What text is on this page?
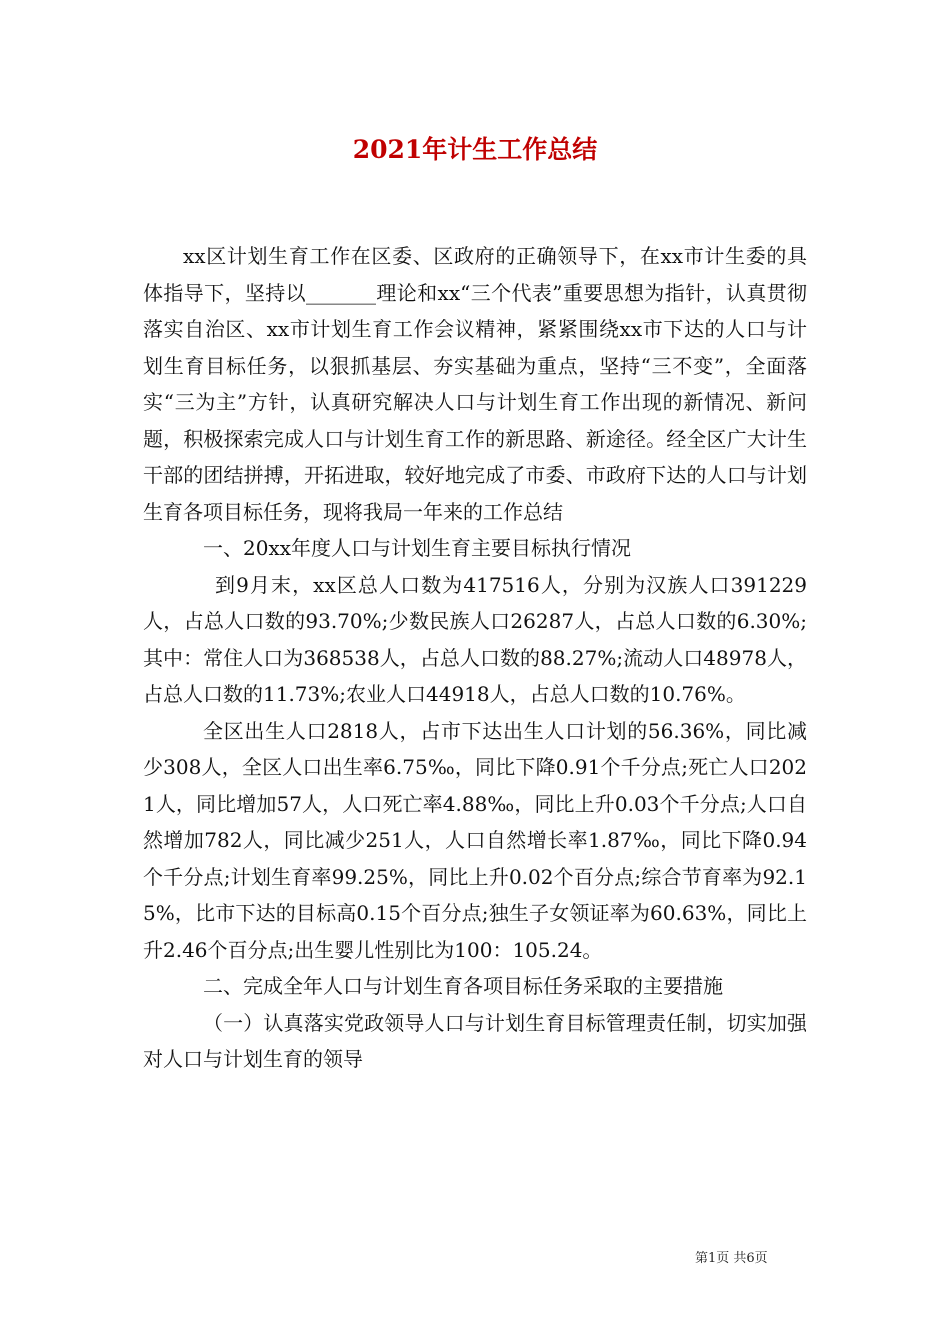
2021年计生工作总结

xx区计划生育工作在区委、区政府的正确领导下，在xx市计生委的具体指导下，坚持以_______理论和xx“三个代表”重要思想为指针，认真贯彻落实自治区、xx市计划生育工作会议精神，紧紧围绕xx市下达的人口与计划生育目标任务，以狠抓基层、夯实基础为重点，坚持“三不变”，全面落实“三为主”方针，认真研究解决人口与计划生育工作出现的新情况、新问题，积极探索完成人口与计划生育工作的新思路、新途径。经全区广大计生干部的团结拼搏，开拓进取，较好地完成了市委、市政府下达的人口与计划生育各项目标任务，现将我局一年来的工作总结

一、20xx年度人口与计划生育主要目标执行情况

到9月末，xx区总人口数为417516人，分别为汉族人口391229人，占总人口数的93.70%;少数民族人口26287人，占总人口数的6.30%;其中：常住人口为368538人，占总人口数的88.27%;流动人口48978人，占总人口数的11.73%;农业人口44918人，占总人口数的10.76%。

全区出生人口2818人，占市下达出生人口计划的56.36%，同比减少308人，全区人口出生率6.75‰，同比下降0.91个千分点;死亡人口2021人，同比增加57人，人口死亡率4.88‰，同比上升0.03个千分点;人口自然增加782人，同比减少251人，人口自然增长率1.87‰，同比下降0.94个千分点;计划生育率99.25%，同比上升0.02个百分点;综合节育率为92.15%，比市下达的目标高0.15个百分点;独生子女领证率为60.63%，同比上升2.46个百分点;出生婴儿性别比为100：105.24。

二、完成全年人口与计划生育各项目标任务采取的主要措施

（一）认真落实党政领导人口与计划生育目标管理责任制，切实加强对人口与计划生育的领导

第1页 共6页
